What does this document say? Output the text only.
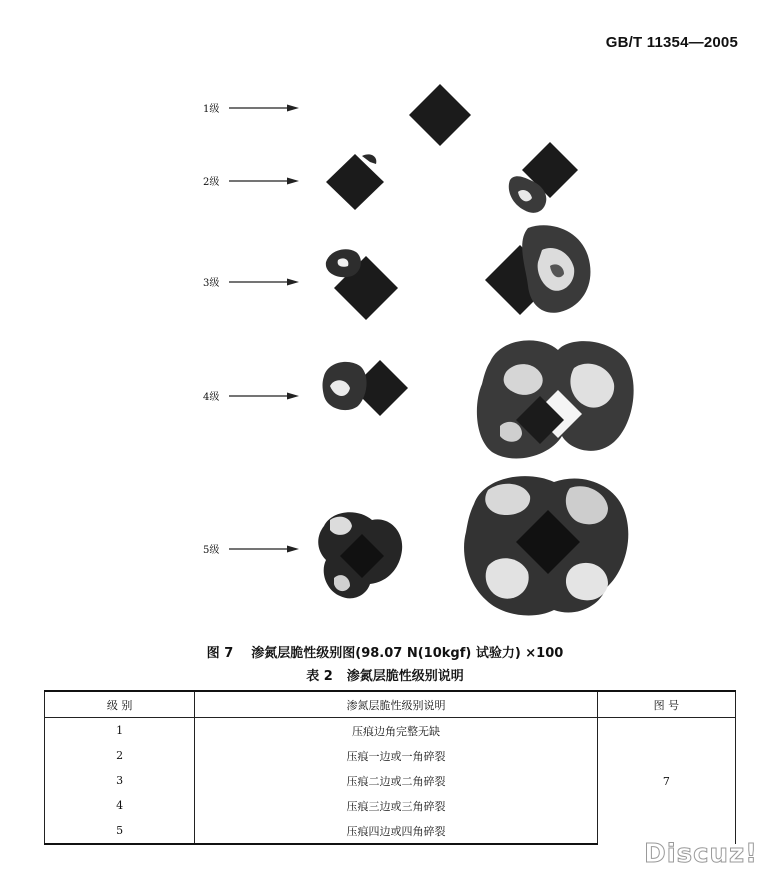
GB/T 11354—2005
1级
2级
3级
4级
5级
图 7 渗氮层脆性级别图(98.07 N(10kgf) 试验力) ×100
表 2 渗氮层脆性级别说明
级 别	渗氮层脆性级别说明	图 号
1	压痕边角完整无缺	7
2	压痕一边或一角碎裂	
3	压痕二边或二角碎裂	
4	压痕三边或三角碎裂	
5	压痕四边或四角碎裂	
Discuz!
